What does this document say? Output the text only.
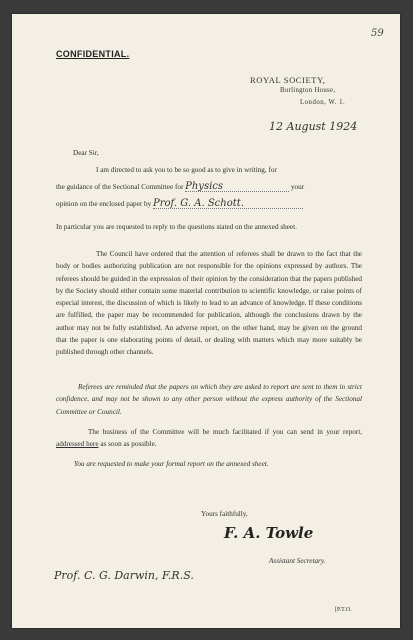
59
CONFIDENTIAL.
ROYAL SOCIETY,
Burlington House,
London, W. 1.
12 August 1924
Dear Sir,
I am directed to ask you to be so good as to give in writing, for
the guidance of the Sectional Committee for Physics	your
opinion on the enclosed paper by Prof. G. A. Schott.
In particular you are requested to reply to the questions stated on the annexed sheet.
The Council have ordered that the attention of referees shall be drawn to the fact that the body or bodies authorizing publication are not responsible for the opinions expressed by authors. The referees should be guided in the expression of their opinion by the consideration that the papers published by the Society should either contain some material contribution to scientific knowledge, or raise points of especial interest, the discussion of which is likely to lead to an advance of knowledge. If these conditions are fulfilled, the paper may be recommended for publication, although the conclusions drawn by the author may not be fully established. An adverse report, on the other hand, may be given on the ground that the paper is one elaborating points of detail, or dealing with matters which may more suitably be published through other channels.
Referees are reminded that the papers on which they are asked to report are sent to them in strict confidence, and may not be shown to any other person without the express authority of the Sectional Committee or Council.
The business of the Committee will be much facilitated if you can send in your report, addressed here as soon as possible.
You are requested to make your formal report on the annexed sheet.
Yours faithfully,
F. A. Towle
Assistant Secretary.
Prof. C. G. Darwin, F.R.S.
[P.T.O.
